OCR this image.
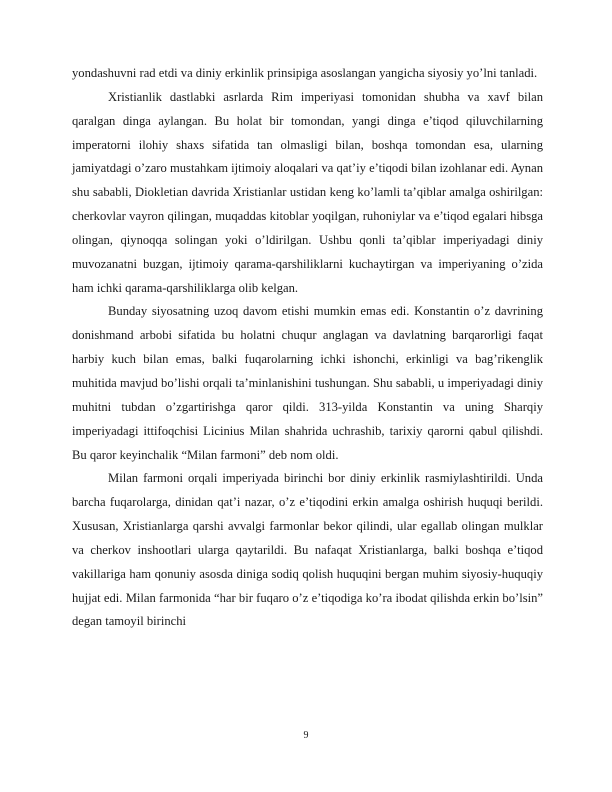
yondashuvni rad etdi va diniy erkinlik prinsipiga asoslangan yangicha siyosiy yo’lni tanladi.

Xristianlik dastlabki asrlarda Rim imperiyasi tomonidan shubha va xavf bilan qaralgan dinga aylangan. Bu holat bir tomondan, yangi dinga e’tiqod qiluvchilarning imperatorni ilohiy shaxs sifatida tan olmasligi bilan, boshqa tomondan esa, ularning jamiyatdagi o’zaro mustahkam ijtimoiy aloqalari va qat’iy e’tiqodi bilan izohlanar edi. Aynan shu sababli, Diokletian davrida Xristianlar ustidan keng ko’lamli ta’qiblar amalga oshirilgan: cherkovlar vayron qilingan, muqaddas kitoblar yoqilgan, ruhoniylar va e’tiqod egalari hibsga olingan, qiynoqqa solingan yoki o’ldirilgan. Ushbu qonli ta’qiblar imperiyadagi diniy muvozanatni buzgan, ijtimoiy qarama-qarshiliklarni kuchaytirgan va imperiyaning o’zida ham ichki qarama-qarshiliklarga olib kelgan.

Bunday siyosatning uzoq davom etishi mumkin emas edi. Konstantin o’z davrining donishmand arbobi sifatida bu holatni chuqur anglagan va davlatning barqarorligi faqat harbiy kuch bilan emas, balki fuqarolarning ichki ishonchi, erkinligi va bag’rikenglik muhitida mavjud bo’lishi orqali ta’minlanishini tushungan. Shu sababli, u imperiyadagi diniy muhitni tubdan o’zgartirishga qaror qildi. 313-yilda Konstantin va uning Sharqiy imperiyadagi ittifoqchisi Licinius Milan shahrida uchrashib, tarixiy qarorni qabul qilishdi. Bu qaror keyinchalik “Milan farmoni” deb nom oldi.

Milan farmoni orqali imperiyada birinchi bor diniy erkinlik rasmiylashtirildi. Unda barcha fuqarolarga, dinidan qat’i nazar, o’z e’tiqodini erkin amalga oshirish huquqi berildi. Xususan, Xristianlarga qarshi avvalgi farmonlar bekor qilindi, ular egallab olingan mulklar va cherkov inshootlari ularga qaytarildi. Bu nafaqat Xristianlarga, balki boshqa e’tiqod vakillariga ham qonuniy asosda diniga sodiq qolish huquqini bergan muhim siyosiy-huquqiy hujjat edi. Milan farmonida “har bir fuqaro o’z e’tiqodiga ko’ra ibodat qilishda erkin bo’lsin” degan tamoyil birinchi

9
